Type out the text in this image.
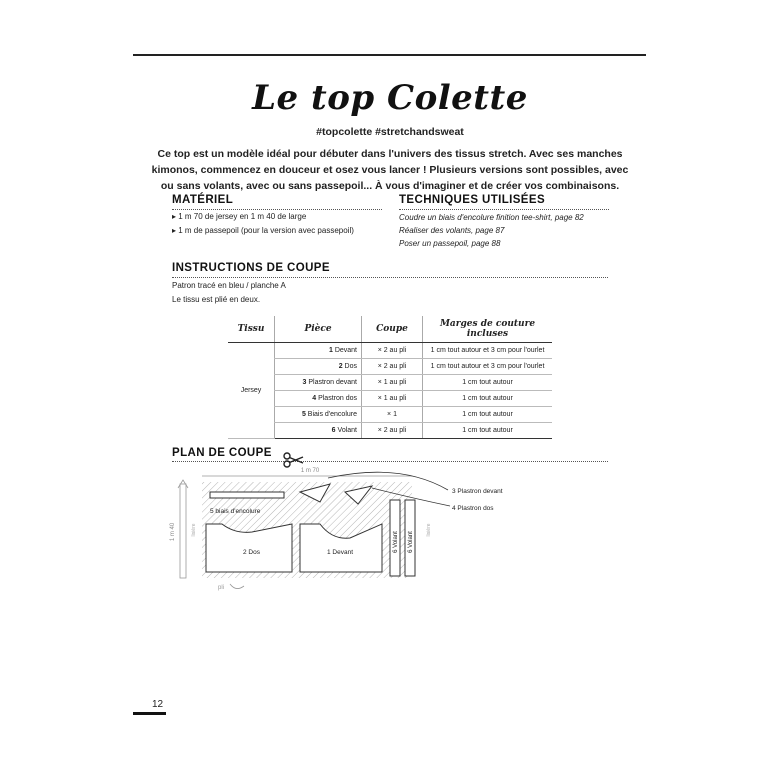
Le top Colette
#topcolette #stretchandsweat
Ce top est un modèle idéal pour débuter dans l'univers des tissus stretch. Avec ses manches kimonos, commencez en douceur et osez vous lancer ! Plusieurs versions sont possibles, avec ou sans volants, avec ou sans passepoil... À vous d'imaginer et de créer vos combinaisons.
MATÉRIEL
▸ 1 m 70 de jersey en 1 m 40 de large
▸ 1 m de passepoil (pour la version avec passepoil)
TECHNIQUES UTILISÉES
Coudre un biais d'encolure finition tee-shirt, page 82
Réaliser des volants, page 87
Poser un passepoil, page 88
INSTRUCTIONS DE COUPE
Patron tracé en bleu / planche A
Le tissu est plié en deux.
Tissu	Pièce	Coupe	Marges de couture incluses
Jersey	1 Devant	× 2 au pli	1 cm tout autour et 3 cm pour l'ourlet
	2 Dos	× 2 au pli	1 cm tout autour et 3 cm pour l'ourlet
	3 Plastron devant	× 1 au pli	1 cm tout autour
	4 Plastron dos	× 1 au pli	1 cm tout autour
	5 Biais d'encolure	× 1	1 cm tout autour
	6 Volant	× 2 au pli	1 cm tout autour
PLAN DE COUPE
1 m 70
1 m 40	lisière	lisière
5 biais d'encolure
2 Dos	1 Devant	6 Volant 6 Volant
3 Plastron devant
4 Plastron dos
pli
12
